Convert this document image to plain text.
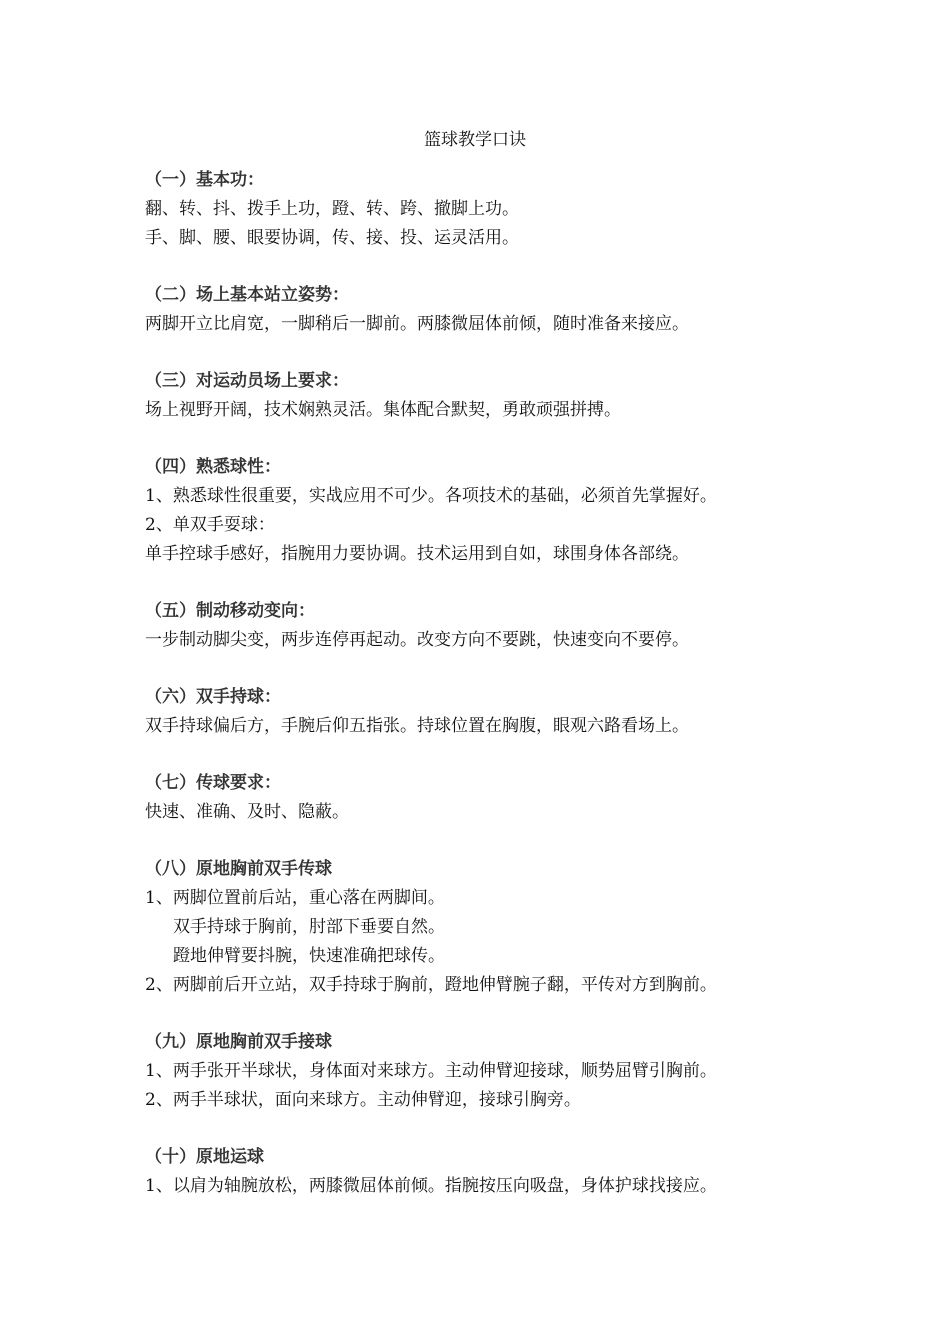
篮球教学口诀
（一）基本功：
翻、转、抖、拨手上功，蹬、转、跨、撤脚上功。
手、脚、腰、眼要协调，传、接、投、运灵活用。
（二）场上基本站立姿势：
两脚开立比肩宽，一脚稍后一脚前。两膝微屈体前倾，随时准备来接应。
（三）对运动员场上要求：
场上视野开阔，技术娴熟灵活。集体配合默契，勇敢顽强拼搏。
（四）熟悉球性：
1、熟悉球性很重要，实战应用不可少。各项技术的基础，必须首先掌握好。
2、单双手耍球：
单手控球手感好，指腕用力要协调。技术运用到自如，球围身体各部绕。
（五）制动移动变向：
一步制动脚尖变，两步连停再起动。改变方向不要跳，快速变向不要停。
（六）双手持球：
双手持球偏后方，手腕后仰五指张。持球位置在胸腹，眼观六路看场上。
（七）传球要求：
快速、准确、及时、隐蔽。
（八）原地胸前双手传球
1、两脚位置前后站，重心落在两脚间。
双手持球于胸前，肘部下垂要自然。
蹬地伸臂要抖腕，快速准确把球传。
2、两脚前后开立站，双手持球于胸前，蹬地伸臂腕子翻，平传对方到胸前。
（九）原地胸前双手接球
1、两手张开半球状，身体面对来球方。主动伸臂迎接球，顺势屈臂引胸前。
2、两手半球状，面向来球方。主动伸臂迎，接球引胸旁。
（十）原地运球
1、以肩为轴腕放松，两膝微屈体前倾。指腕按压向吸盘，身体护球找接应。
